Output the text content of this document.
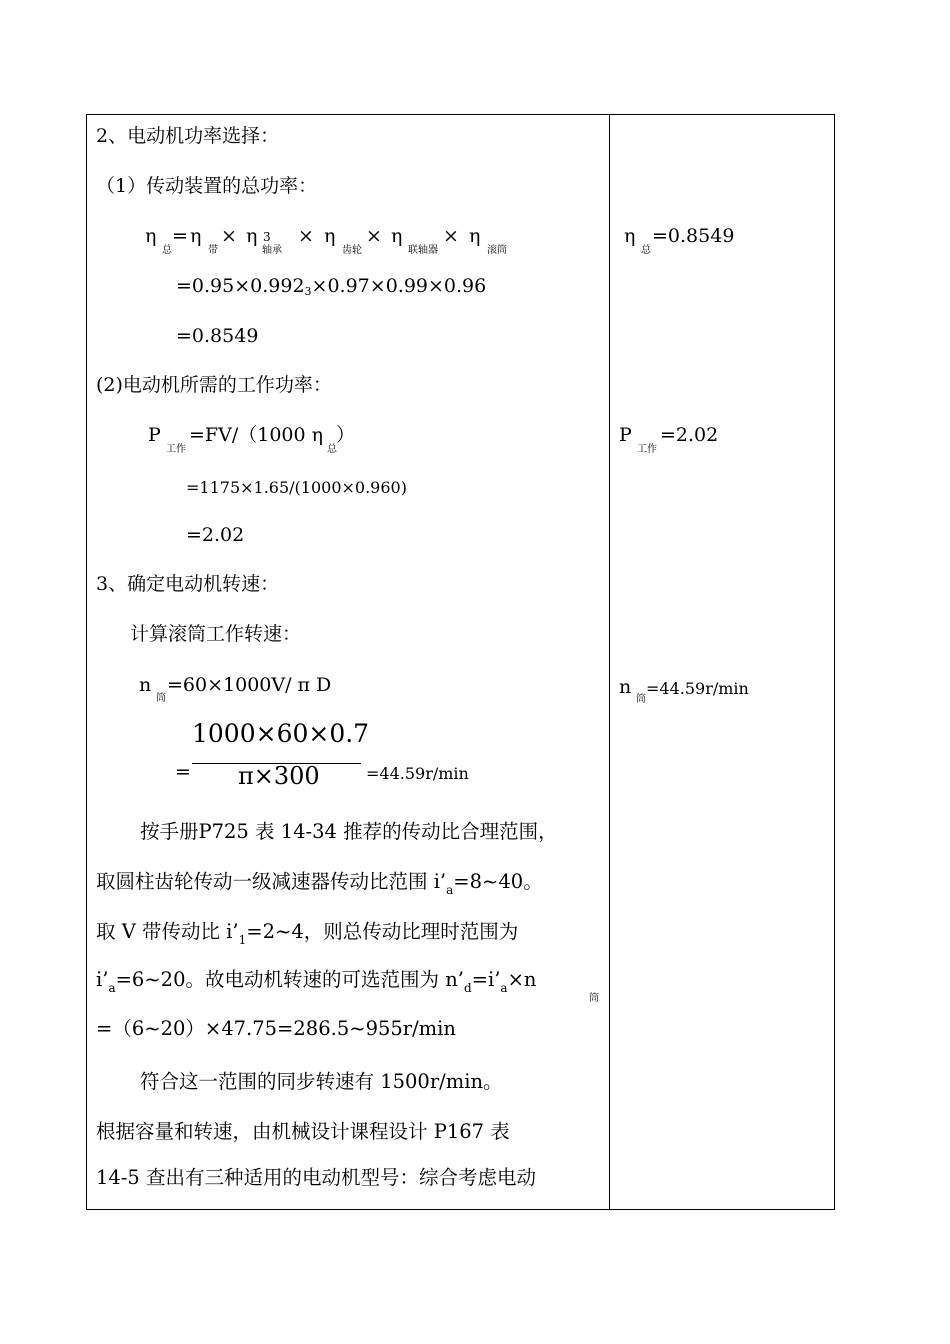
2、电动机功率选择：
（1）传动装置的总功率：
η
总
= η
带
× η 3
轴承
× η
齿轮
× η
联轴器
× η
滚筒
=0.95×0.9923×0.97×0.99×0.96
=0.8549
(2)电动机所需的工作功率：
P
工作
=FV/（1000 η
总
）
=1175×1.65/(1000×0.960)
=2.02
3、确定电动机转速：
计算滚筒工作转速：
n
筒
=60×1000V/ π D
=
1000×60×0.7
π×300	=44.59r/min
按手册P725 表 14-34 推荐的传动比合理范围，
取圆柱齿轮传动一级减速器传动比范围 $i’_a=8\sim 40$。
取 V 带传动比 $i’_1=2\sim 4$，则总传动比理时范围为
$i’_a=6\sim 20$。故电动机转速的可选范围为 $n’_d=i’_a\times n$
筒
=（6~20）×47.75=286.5~955r/min
符合这一范围的同步转速有 1500r/min。
根据容量和转速，由机械设计课程设计 P167 表
14-5 查出有三种适用的电动机型号：综合考虑电动
η
总
=0.8549
P
工作
=2.02
n
筒
=44.59r/min
